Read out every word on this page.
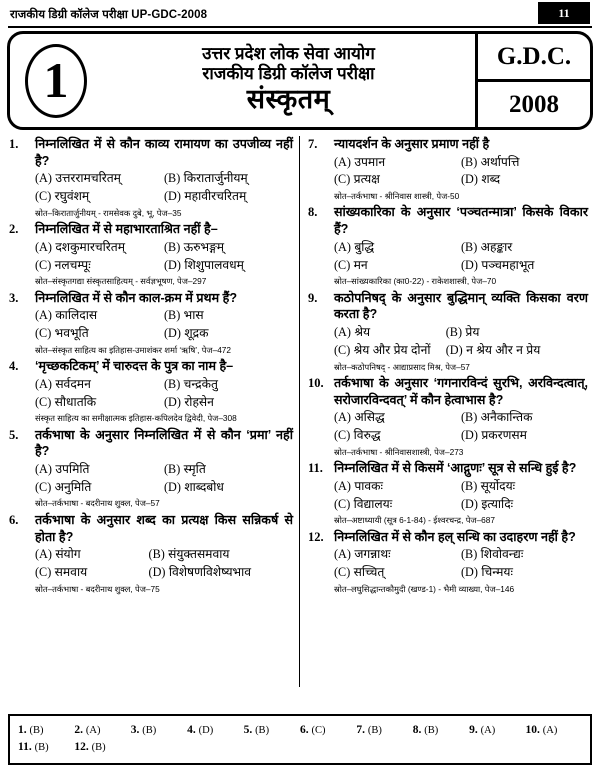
राजकीय डिग्री कॉलेज परीक्षा UP-GDC-2008	11
1	उत्तर प्रदेश लोक सेवा आयोग
राजकीय डिग्री कॉलेज परीक्षा
संस्कृतम्
G.D.C.
2008
1.	निम्नलिखित में से कौन काव्य रामायण का उपजीव्य नहीं है?
(A) उत्तररामचरितम्	(B) किरातार्जुनीयम्
(C) रघुवंशम्	(D) महावीरचरितम्
स्रोत–किरातार्जुनीयम् - रामसेवक दुबे, भू, पेज–35
2.	निम्नलिखित में से महाभारताश्रित नहीं है–
(A) दशकुमारचरितम्	(B) ऊरुभङ्गम्
(C) नलचम्पूः	(D) शिशुपालवधम्
स्रोत–संस्कृतगद्या संस्कृतसाहित्यम् - सर्वज्ञभूषण, पेज–297
3.	निम्नलिखित में से कौन काल-क्रम में प्रथम हैं?
(A) कालिदास	(B) भास
(C) भवभूति	(D) शूद्रक
स्रोत–संस्कृत साहित्य का इतिहास-उमाशंकर शर्मा ‘ऋषि’, पेज–472
4.	‘मृच्छकटिकम्’ में चारुदत्त के पुत्र का नाम है–
(A) सर्वदमन	(B) चन्द्रकेतु
(C) सौधातकि	(D) रोहसेन
संस्कृत साहित्य का समीक्षात्मक इतिहास-कपिलदेव द्विवेदी, पेज–308
5.	तर्कभाषा के अनुसार निम्नलिखित में से कौन ‘प्रमा’ नहीं है?
(A) उपमिति	(B) स्मृति
(C) अनुमिति	(D) शाब्दबोध
स्रोत–तर्कभाषा - बदरीनाथ शुक्ल, पेज–57
6.	तर्कभाषा के अनुसार शब्द का प्रत्यक्ष किस सन्निकर्ष से होता है?
(A) संयोग	(B) संयुक्तसमवाय
(C) समवाय	(D) विशेषणविशेष्यभाव
स्रोत–तर्कभाषा - बदरीनाथ शुक्ल, पेज–75
7.	न्यायदर्शन के अनुसार प्रमाण नहीं है
(A) उपमान	(B) अर्थापत्ति
(C) प्रत्यक्ष	(D) शब्द
स्रोत–तर्कभाषा - श्रीनिवास शास्त्री, पेज-50
8.	सांख्यकारिका के अनुसार ‘पञ्चतन्मात्रा’ किसके विकार हैं?
(A) बुद्धि	(B) अहङ्कार
(C) मन	(D) पञ्चमहाभूत
स्रोत–सांख्यकारिका (का0-22) - राकेशशास्त्री, पेज–70
9.	कठोपनिषद् के अनुसार बुद्धिमान् व्यक्ति किसका वरण करता है?
(A) श्रेय	(B) प्रेय
(C) श्रेय और प्रेय दोनों	(D) न श्रेय और न प्रेय
स्रोत–कठोपनिषद् - आद्याप्रसाद मिश्र, पेज–57
10. तर्कभाषा के अनुसार ‘गगनारविन्दं सुरभि, अरविन्दत्वात्, सरोजारविन्दवत्’ में कौन हेत्वाभास है?
(A) असिद्ध	(B) अनैकान्तिक
(C) विरुद्ध	(D) प्रकरणसम
स्रोत–तर्कभाषा - श्रीनिवासशास्त्री, पेज–273
11. निम्नलिखित में से किसमें ‘आद्गुणः’ सूत्र से सन्धि हुई है?
(A) पावकः	(B) सूर्योदयः
(C) विद्यालयः	(D) इत्यादिः
स्रोत–अष्टाध्यायी (सूत्र 6-1-84) - ईश्वरचन्द्र, पेज–687
12. निम्नलिखित में से कौन हल् सन्धि का उदाहरण नहीं है?
(A) जगन्नाथः	(B) शिवोवन्द्यः
(C) सच्चित्	(D) चिन्मयः
स्रोत–लघुसिद्धान्तकौमुदी (खण्ड-1) - भैमी व्याख्या, पेज–146
1. (B)	2. (A)	3. (B)	4. (D)	5. (B)	6. (C)	7. (B)	8. (B)	9. (A)	10. (A)
11. (B)	12. (B)
